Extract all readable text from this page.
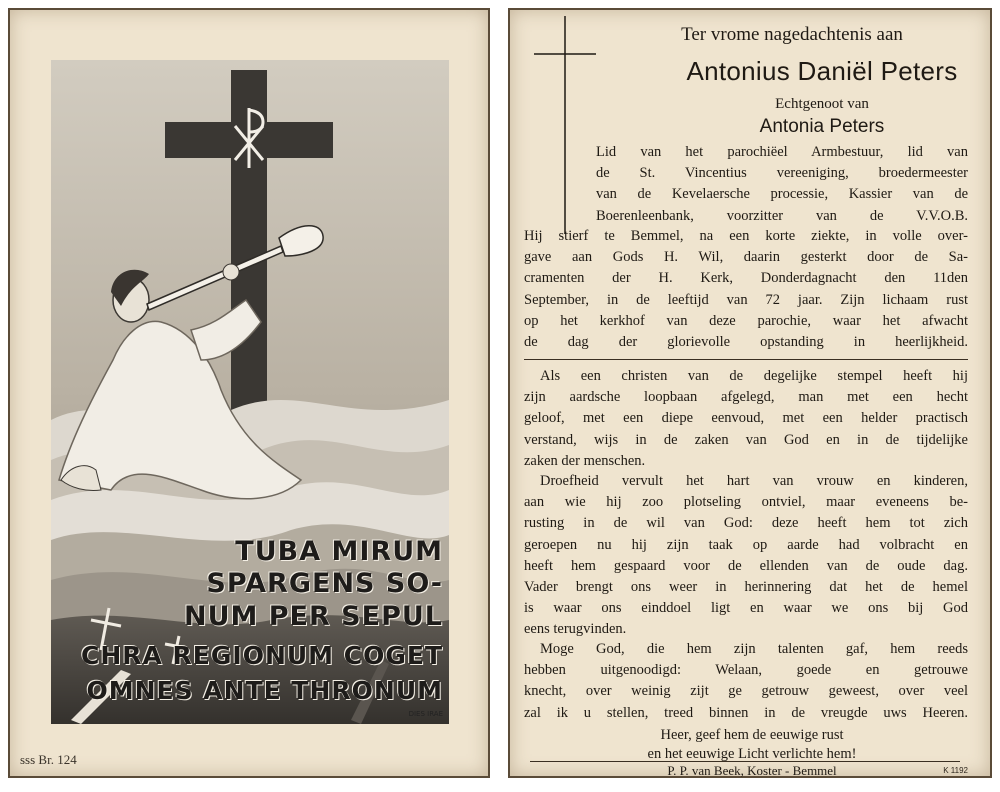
TUBA MIRUM
SPARGENS SO-
NUM PER SEPUL
CHRA REGIONUM COGET
OMNES ANTE THRONUM
DIES IRAE
sss Br. 124
Ter vrome nagedachtenis aan
Antonius Daniël Peters
Echtgenoot van
Antonia Peters
Lid van het parochiëel Armbestuur, lid van
de St. Vincentius vereeniging, broedermeester
van de Kevelaersche processie, Kassier van de
Boerenleenbank, voorzitter van de V.V.O.B.
Hij stierf te Bemmel, na een korte ziekte, in volle over-
gave aan Gods H. Wil, daarin gesterkt door de Sa-
cramenten der H. Kerk, Donderdagnacht den 11den
September, in de leeftijd van 72 jaar. Zijn lichaam rust
op het kerkhof van deze parochie, waar het afwacht
de dag der glorievolle opstanding in heerlijkheid.
Als een christen van de degelijke stempel heeft hij
zijn aardsche loopbaan afgelegd, man met een hecht
geloof, met een diepe eenvoud, met een helder practisch
verstand, wijs in de zaken van God en in de tijdelijke
zaken der menschen.
Droefheid vervult het hart van vrouw en kinderen,
aan wie hij zoo plotseling ontviel, maar eveneens be-
rusting in de wil van God: deze heeft hem tot zich
geroepen nu hij zijn taak op aarde had volbracht en
heeft hem gespaard voor de ellenden van de oude dag.
Vader brengt ons weer in herinnering dat het de hemel
is waar ons einddoel ligt en waar we ons bij God
eens terugvinden.
Moge God, die hem zijn talenten gaf, hem reeds
hebben uitgenoodigd: Welaan, goede en getrouwe
knecht, over weinig zijt ge getrouw geweest, over veel
zal ik u stellen, treed binnen in de vreugde uws Heeren.
Heer, geef hem de eeuwige rust
en het eeuwige Licht verlichte hem!
P. P. van Beek, Koster - Bemmel	K 1192
